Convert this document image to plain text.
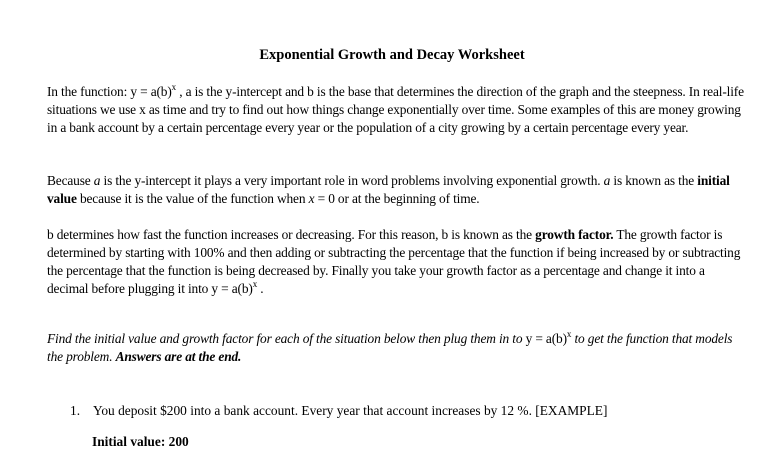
Exponential Growth and Decay Worksheet
In the function: $y = a(b)^x$ , a is the y-intercept and b is the base that determines the direction of the graph and the steepness. In real-life situations we use x as time and try to find out how things change exponentially over time. Some examples of this are money growing in a bank account by a certain percentage every year or the population of a city growing by a certain percentage every year.
Because a is the y-intercept it plays a very important role in word problems involving exponential growth. a is known as the initial value because it is the value of the function when x = 0 or at the beginning of time.
b determines how fast the function increases or decreasing. For this reason, b is known as the growth factor. The growth factor is determined by starting with 100% and then adding or subtracting the percentage that the function if being increased by or subtracting the percentage that the function is being decreased by. Finally you take your growth factor as a percentage and change it into a decimal before plugging it into $y = a(b)^x$ .
Find the initial value and growth factor for each of the situation below then plug them in to $y = a(b)^x$ to get the function that models the problem. Answers are at the end.
1. You deposit $200 into a bank account. Every year that account increases by 12 %. [EXAMPLE]
Initial value: 200
